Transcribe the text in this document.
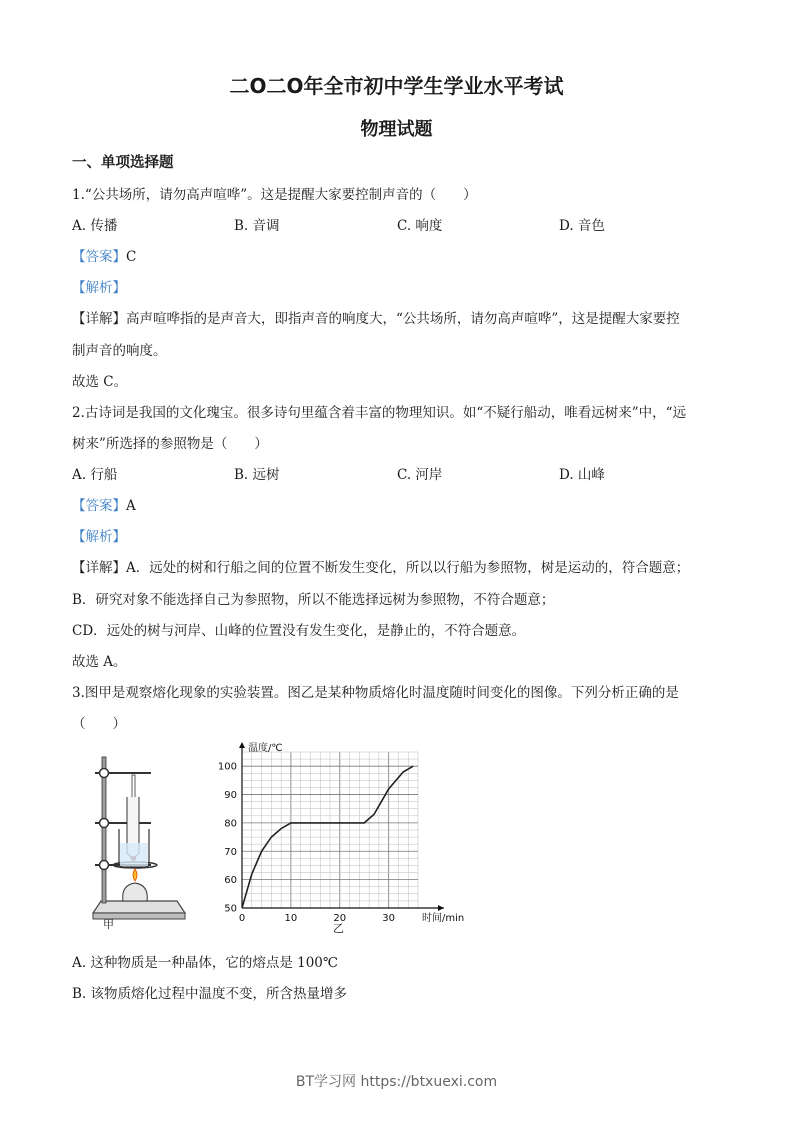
二O二O年全市初中学生学业水平考试
物理试题
一、单项选择题
1.“公共场所，请勿高声喧哗”。这是提醒大家要控制声音的（　　）
A. 传播	B. 音调	C. 响度	D. 音色
【答案】C
【解析】
【详解】高声喧哗指的是声音大，即指声音的响度大，“公共场所，请勿高声喧哗”，这是提醒大家要控
制声音的响度。
故选 C。
2.古诗词是我国的文化瑰宝。很多诗句里蕴含着丰富的物理知识。如“不疑行船动，唯看远树来”中，“远
树来”所选择的参照物是（　　）
A. 行船	B. 远树	C. 河岸	D. 山峰
【答案】A
【解析】
【详解】A．远处的树和行船之间的位置不断发生变化，所以以行船为参照物，树是运动的，符合题意；
B．研究对象不能选择自己为参照物，所以不能选择远树为参照物，不符合题意；
CD．远处的树与河岸、山峰的位置没有发生变化，是静止的，不符合题意。
故选 A。
3.图甲是观察熔化现象的实验装置。图乙是某种物质熔化时温度随时间变化的图像。下列分析正确的是
（　　）
甲	0	10	20	30
50
60
70
80
90
100
温度/℃
时间/min
乙
A. 这种物质是一种晶体，它的熔点是 100℃
B. 该物质熔化过程中温度不变，所含热量增多
BT学习网 https://btxuexi.com
